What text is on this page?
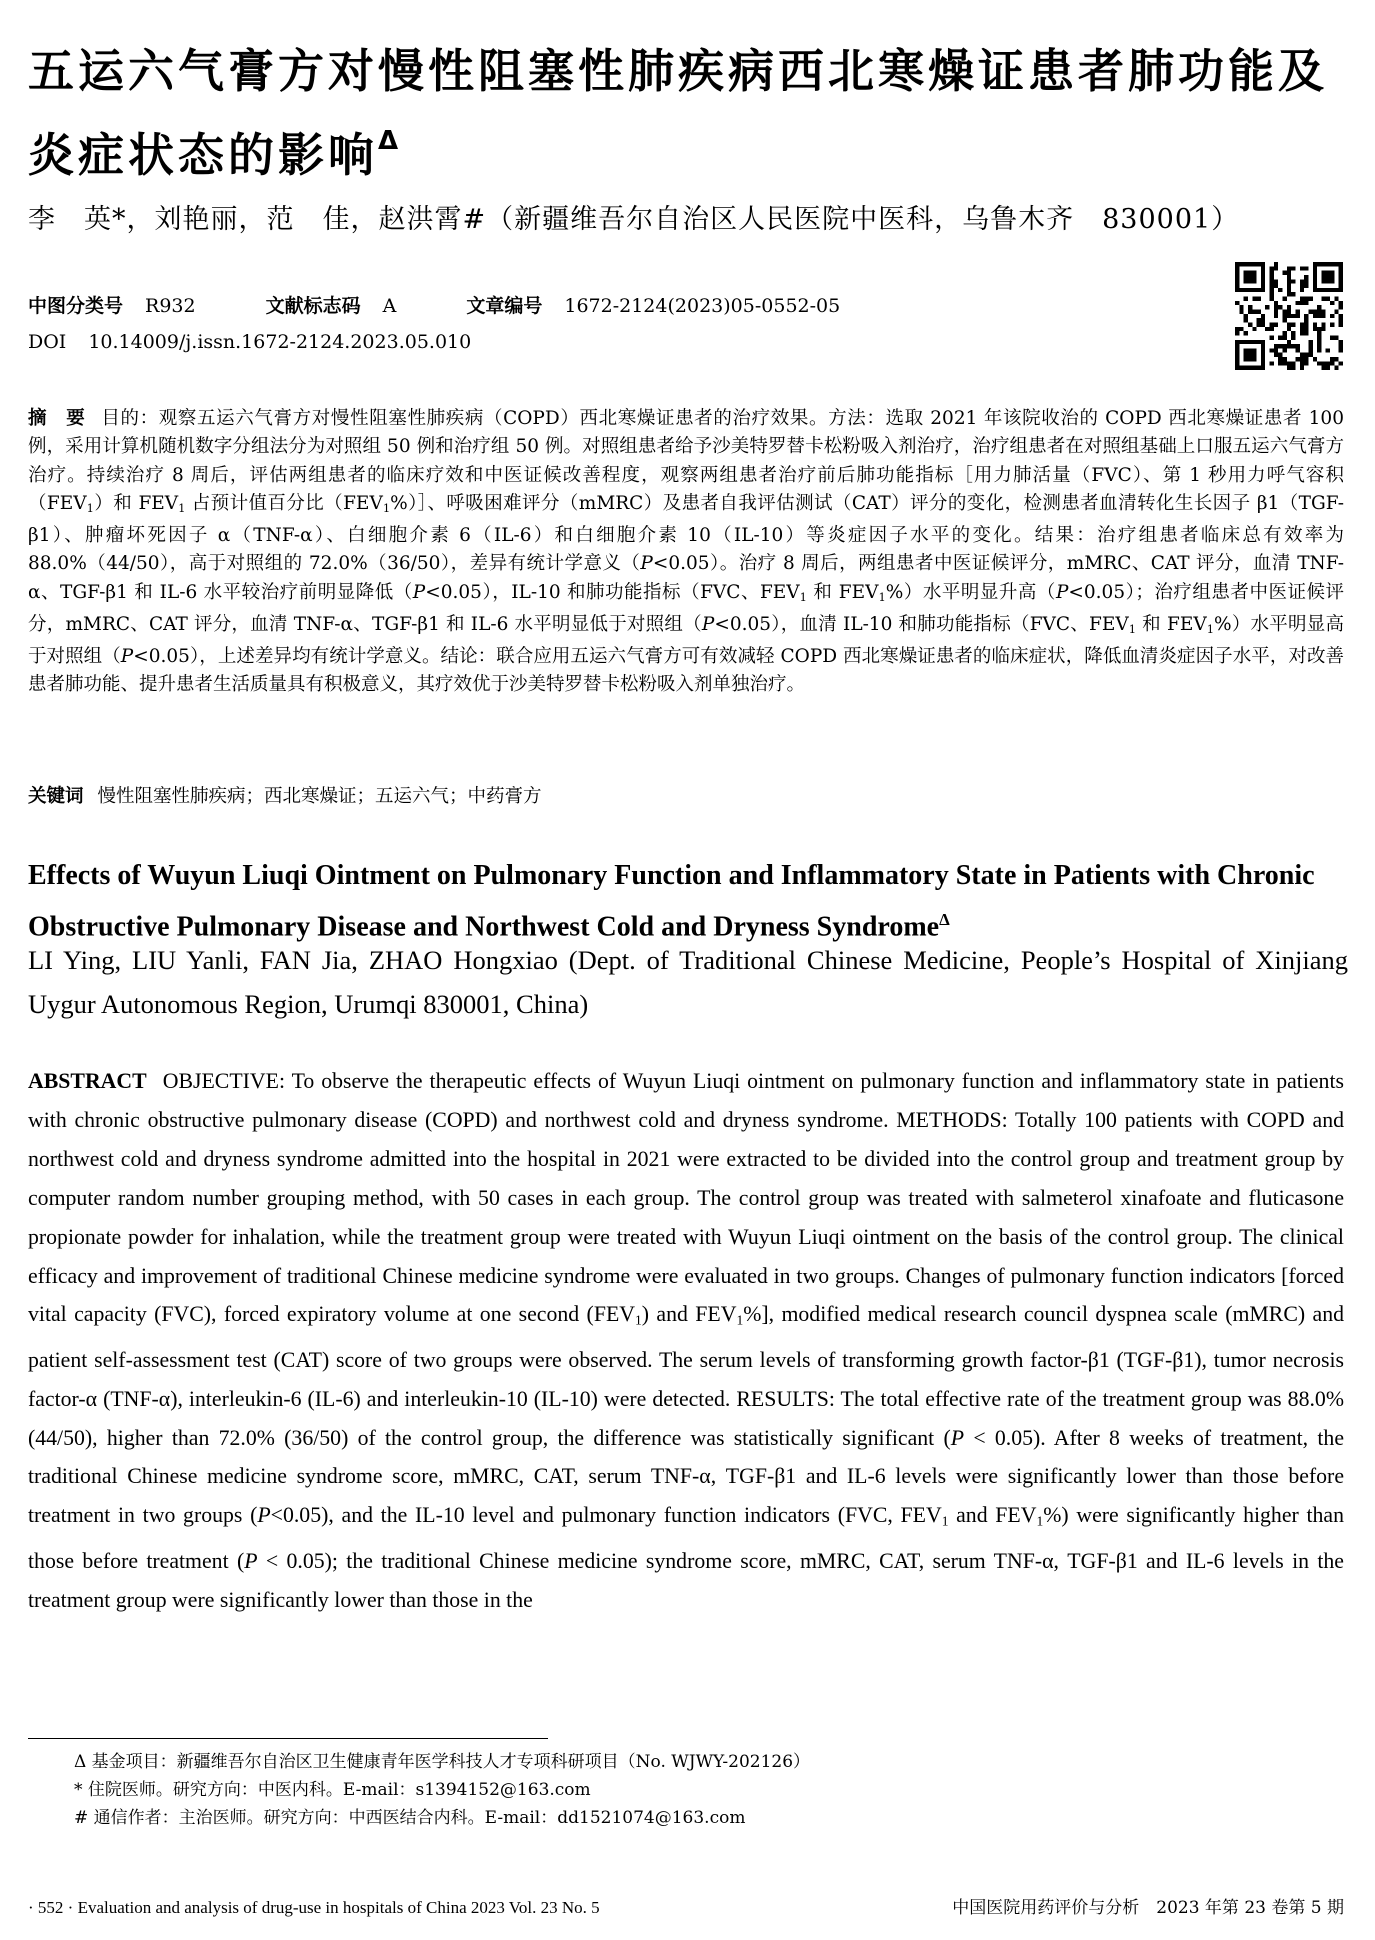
五运六气膏方对慢性阻塞性肺疾病西北寒燥证患者肺功能及炎症状态的影响$^\Delta$
李　英*，刘艳丽，范　佳，赵洪霄#（新疆维吾尔自治区人民医院中医科，乌鲁木齐　830001）
中图分类号 R932	文献标志码 A	文章编号 1672-2124(2023)05-0552-05
DOI 10.14009/j.issn.1672-2124.2023.05.010

摘　要 目的：观察五运六气膏方对慢性阻塞性肺疾病（COPD）西北寒燥证患者的治疗效果。方法：选取 2021 年该院收治的 COPD 西北寒燥证患者 100 例，采用计算机随机数字分组法分为对照组 50 例和治疗组 50 例。对照组患者给予沙美特罗替卡松粉吸入剂治疗，治疗组患者在对照组基础上口服五运六气膏方治疗。持续治疗 8 周后，评估两组患者的临床疗效和中医证候改善程度，观察两组患者治疗前后肺功能指标［用力肺活量（FVC）、第 1 秒用力呼气容积$(FEV_1)$和 $FEV_1$ 占预计值百分比$(FEV_1\%)]$、呼吸困难评分（mMRC）及患者自我评估测试（CAT）评分的变化，检测患者血清转化生长因子 β1（TGF-β1）、肿瘤坏死因子 α（TNF-α）、白细胞介素 6（IL-6）和白细胞介素 10（IL-10）等炎症因子水平的变化。结果：治疗组患者临床总有效率为 88.0%（44/50），高于对照组的 72.0%（36/50），差异有统计学意义（P<0.05）。治疗 8 周后，两组患者中医证候评分，mMRC、CAT 评分，血清 TNF-α、TGF-β1 和 IL-6 水平较治疗前明显降低（P<0.05），IL-10 和肺功能指标（FVC、$FEV_1$ 和 $FEV_1\%$）水平明显升高（P<0.05）；治疗组患者中医证候评分，mMRC、CAT 评分，血清 TNF-α、TGF-β1 和 IL-6 水平明显低于对照组（P<0.05），血清 IL-10 和肺功能指标（FVC、$FEV_1$ 和 $FEV_1\%$）水平明显高于对照组（P<0.05），上述差异均有统计学意义。结论：联合应用五运六气膏方可有效减轻 COPD 西北寒燥证患者的临床症状，降低血清炎症因子水平，对改善患者肺功能、提升患者生活质量具有积极意义，其疗效优于沙美特罗替卡松粉吸入剂单独治疗。

关键词 慢性阻塞性肺疾病；西北寒燥证；五运六气；中药膏方
Effects of Wuyun Liuqi Ointment on Pulmonary Function and Inflammatory State in Patients with Chronic Obstructive Pulmonary Disease and Northwest Cold and Dryness Syndrome$^\Delta$
LI Ying, LIU Yanli, FAN Jia, ZHAO Hongxiao (Dept. of Traditional Chinese Medicine, People’s Hospital of Xinjiang Uygur Autonomous Region, Urumqi 830001, China)

ABSTRACT OBJECTIVE: To observe the therapeutic effects of Wuyun Liuqi ointment on pulmonary function and inflammatory state in patients with chronic obstructive pulmonary disease (COPD) and northwest cold and dryness syndrome. METHODS: Totally 100 patients with COPD and northwest cold and dryness syndrome admitted into the hospital in 2021 were extracted to be divided into the control group and treatment group by computer random number grouping method, with 50 cases in each group. The control group was treated with salmeterol xinafoate and fluticasone propionate powder for inhalation, while the treatment group were treated with Wuyun Liuqi ointment on the basis of the control group. The clinical efficacy and improvement of traditional Chinese medicine syndrome were evaluated in two groups. Changes of pulmonary function indicators [forced vital capacity (FVC), forced expiratory volume at one second $(FEV_1)$ and $FEV_1\%$], modified medical research council dyspnea scale (mMRC) and patient self-assessment test (CAT) score of two groups were observed. The serum levels of transforming growth factor-β1 (TGF-β1), tumor necrosis factor-α (TNF-α), interleukin-6 (IL-6) and interleukin-10 (IL-10) were detected. RESULTS: The total effective rate of the treatment group was 88.0% (44/50), higher than 72.0% (36/50) of the control group, the difference was statistically significant (P < 0.05). After 8 weeks of treatment, the traditional Chinese medicine syndrome score, mMRC, CAT, serum TNF-α, TGF-β1 and IL-6 levels were significantly lower than those before treatment in two groups (P<0.05), and the IL-10 level and pulmonary function indicators (FVC, $FEV_1$ and $FEV_1\%$) were significantly higher than those before treatment (P < 0.05); the traditional Chinese medicine syndrome score, mMRC, CAT, serum TNF-α, TGF-β1 and IL-6 levels in the treatment group were significantly lower than those in the

Δ 基金项目：新疆维吾尔自治区卫生健康青年医学科技人才专项科研项目（No. WJWY-202126）
* 住院医师。研究方向：中医内科。E-mail：s1394152@163.com
# 通信作者：主治医师。研究方向：中西医结合内科。E-mail：dd1521074@163.com
· 552 · Evaluation and analysis of drug-use in hospitals of China 2023 Vol. 23 No. 5	中国医院用药评价与分析　2023 年第 23 卷第 5 期
